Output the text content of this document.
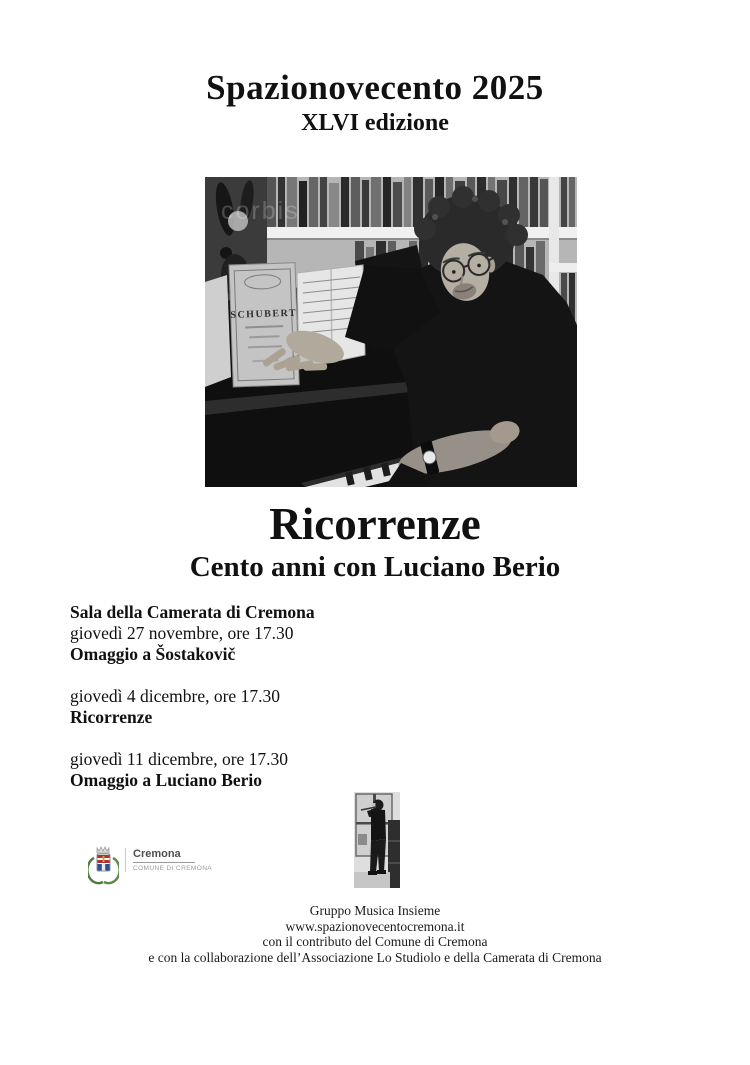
Spazionovecento 2025
XLVI edizione
SCHUBERT
corbis
Ricorrenze
Cento anni con Luciano Berio

Sala della Camerata di Cremona

giovedì 27 novembre, ore 17.30

Omaggio a Šostakovič

giovedì 4 dicembre, ore 17.30

Ricorrenze

giovedì 11 dicembre, ore 17.30

Omaggio a Luciano Berio

Cremona
COMUNE DI CREMONA
Gruppo Musica Insieme
www.spazionovecentocremona.it
con il contributo del Comune di Cremona
e con la collaborazione dell’Associazione Lo Studiolo e della Camerata di Cremona
